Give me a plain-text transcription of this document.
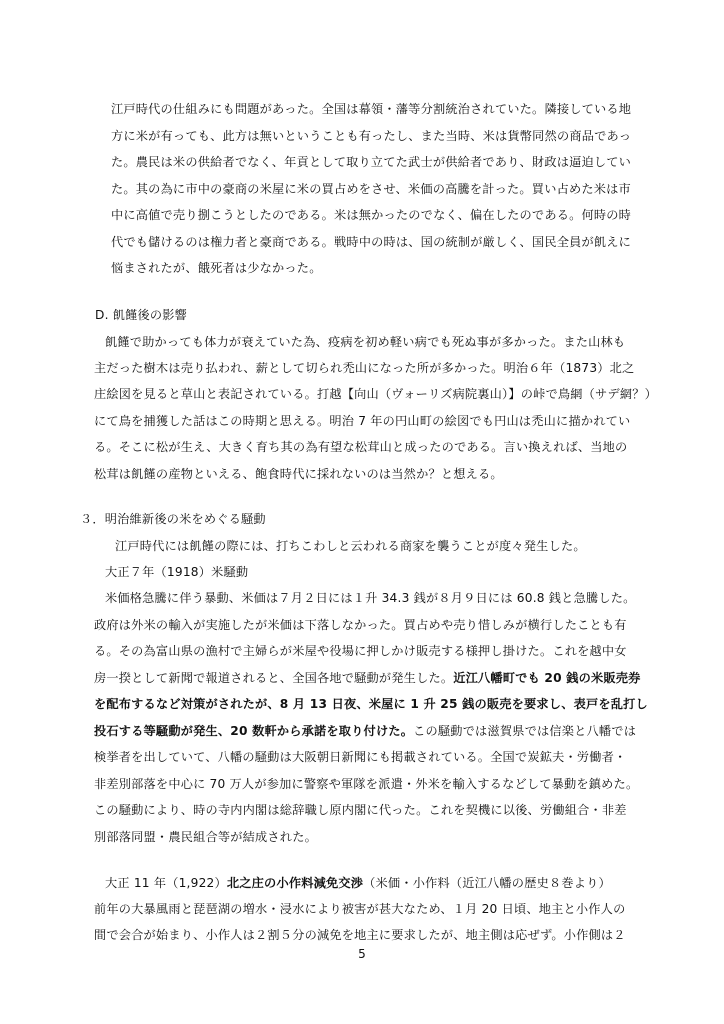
江戸時代の仕組みにも問題があった。全国は幕領・藩等分割統治されていた。隣接している地
方に米が有っても、此方は無いということも有ったし、また当時、米は貨幣同然の商品であっ
た。農民は米の供給者でなく、年貢として取り立てた武士が供給者であり、財政は逼迫してい
た。其の為に市中の豪商の米屋に米の買占めをさせ、米価の高騰を計った。買い占めた米は市
中に高値で売り捌こうとしたのである。米は無かったのでなく、偏在したのである。何時の時
代でも儲けるのは権力者と豪商である。戦時中の時は、国の統制が厳しく、国民全員が飢えに
悩まされたが、餓死者は少なかった。
D. 飢饉後の影響
飢饉で助かっても体力が衰えていた為、疫病を初め軽い病でも死ぬ事が多かった。また山林も
主だった樹木は売り払われ、薪として切られ禿山になった所が多かった。明治６年（1873）北之
庄絵図を見ると草山と表記されている。打越【向山（ヴォーリズ病院裏山）】の峠で鳥網（サデ網？）
にて鳥を捕獲した話はこの時期と思える。明治 7 年の円山町の絵図でも円山は禿山に描かれてい
る。そこに松が生え、大きく育ち其の為有望な松茸山と成ったのである。言い換えれば、当地の
松茸は飢饉の産物といえる、飽食時代に採れないのは当然か？と想える。
３．明治維新後の米をめぐる騒動
江戸時代には飢饉の際には、打ちこわしと云われる商家を襲うことが度々発生した。
大正７年（1918）米騒動
米価格急騰に伴う暴動、米価は７月２日には１升 34.3 銭が８月９日には 60.8 銭と急騰した。
政府は外米の輸入が実施したが米価は下落しなかった。買占めや売り惜しみが横行したことも有
る。その為富山県の漁村で主婦らが米屋や役場に押しかけ販売する様押し掛けた。これを越中女
房一揆として新聞で報道されると、全国各地で騒動が発生した。近江八幡町でも 20 銭の米販売券
を配布するなど対策がされたが、8 月 13 日夜、米屋に 1 升 25 銭の販売を要求し、表戸を乱打し
投石する等騒動が発生、20 数軒から承諾を取り付けた。この騒動では滋賀県では信楽と八幡では
検挙者を出していて、八幡の騒動は大阪朝日新聞にも掲載されている。全国で炭鉱夫・労働者・
非差別部落を中心に 70 万人が参加に警察や軍隊を派遣・外米を輸入するなどして暴動を鎮めた。
この騒動により、時の寺内内閣は総辞職し原内閣に代った。これを契機に以後、労働組合・非差
別部落同盟・農民組合等が結成された。
大正 11 年（1,922）北之庄の小作料減免交渉（米価・小作料（近江八幡の歴史８巻より）
前年の大暴風雨と琵琶湖の増水・浸水により被害が甚大なため、１月 20 日頃、地主と小作人の
間で会合が始まり、小作人は２割５分の減免を地主に要求したが、地主側は応ぜず。小作側は２
5
